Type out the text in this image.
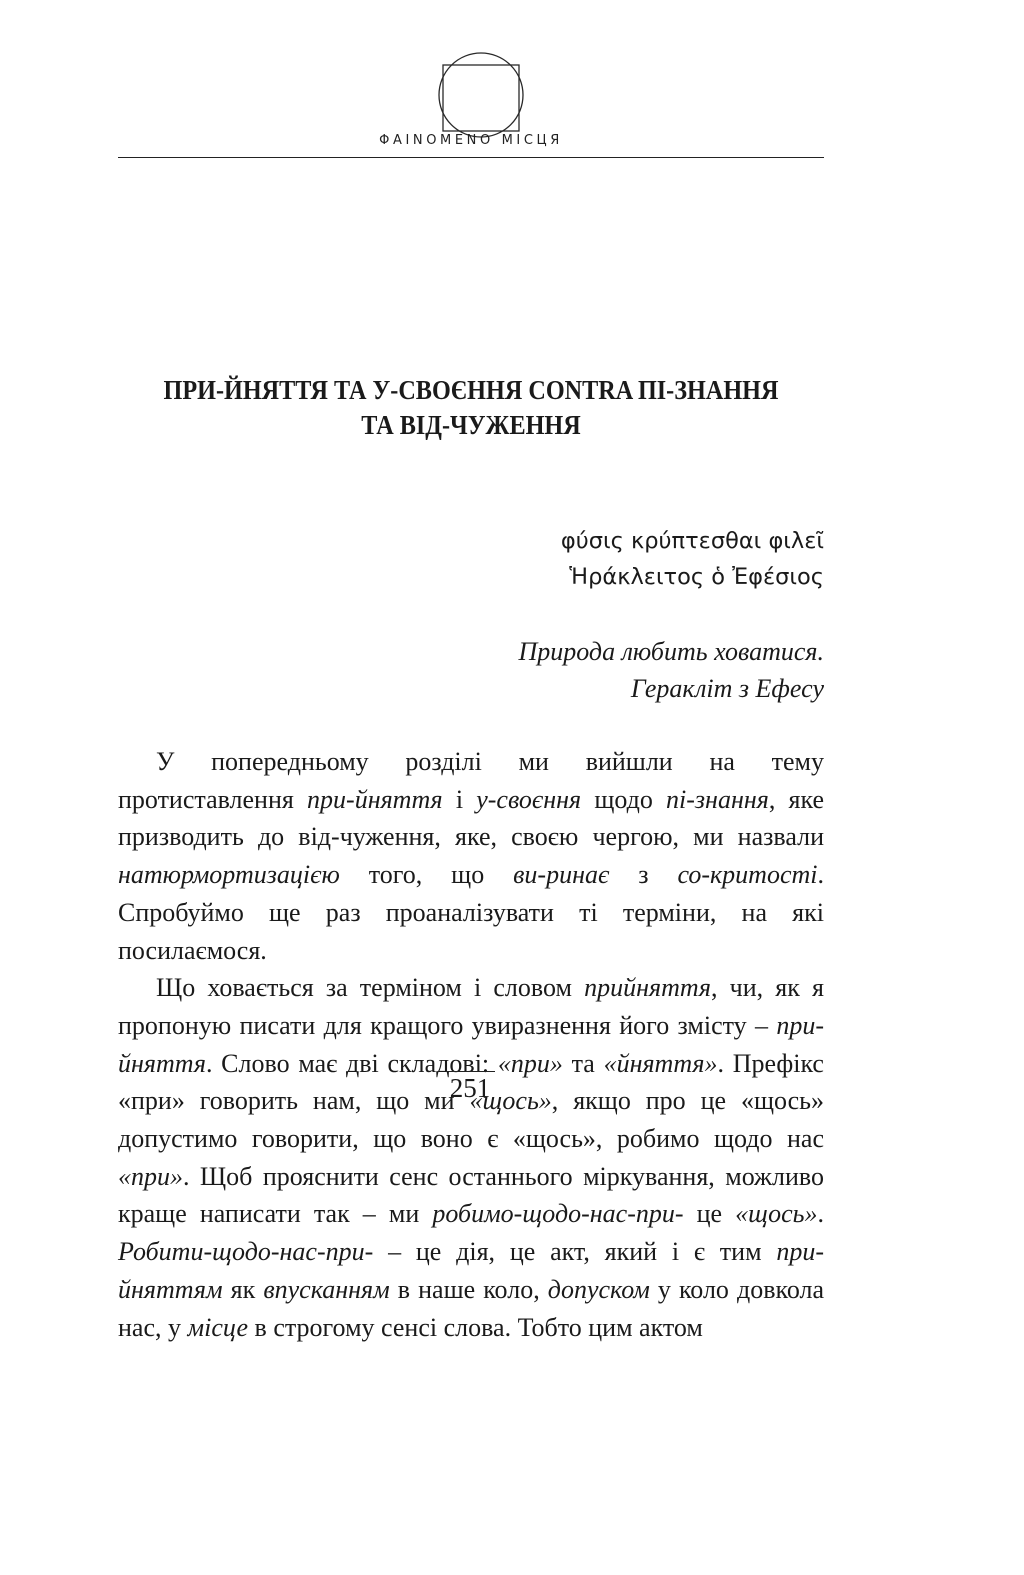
ΦΑΙΝΟΜΕΝΟ МІСЦЯ
ПРИ-ЙНЯТТЯ ТА У-СВОЄННЯ CONTRA ПІ-ЗНАННЯ
ТА ВІД-ЧУЖЕННЯ
φύσις κρύπτεσθαι φιλεῖ
Ἡράκλειτος ὁ Ἐφέσιος
Природа любить ховатися.
Геракліт з Ефесу

У попередньому розділі ми вийшли на тему протиставлення при-йняття і у-своєння щодо пі-знання, яке призводить до від-чуження, яке, своєю чергою, ми назвали натюрмортизацією того, що ви-ринає з со-критості. Спробуймо ще раз проаналізувати ті терміни, на які посилаємося.

Що ховається за терміном і словом прийняття, чи, як я пропоную писати для кращого увиразнення його змісту – при-йняття. Слово має дві складові: «при» та «йняття». Префікс «при» говорить нам, що ми «щось», якщо про це «щось» допустимо говорити, що воно є «щось», робимо щодо нас «при». Щоб прояснити сенс останнього міркування, можливо краще написати так – ми робимо-щодо-нас-при- це «щось». Робити-щодо-нас-при- – це дія, це акт, який і є тим при-йняттям як впусканням в наше коло, допуском у коло довкола нас, у місце в строгому сенсі слова. Тобто цим актом

251
